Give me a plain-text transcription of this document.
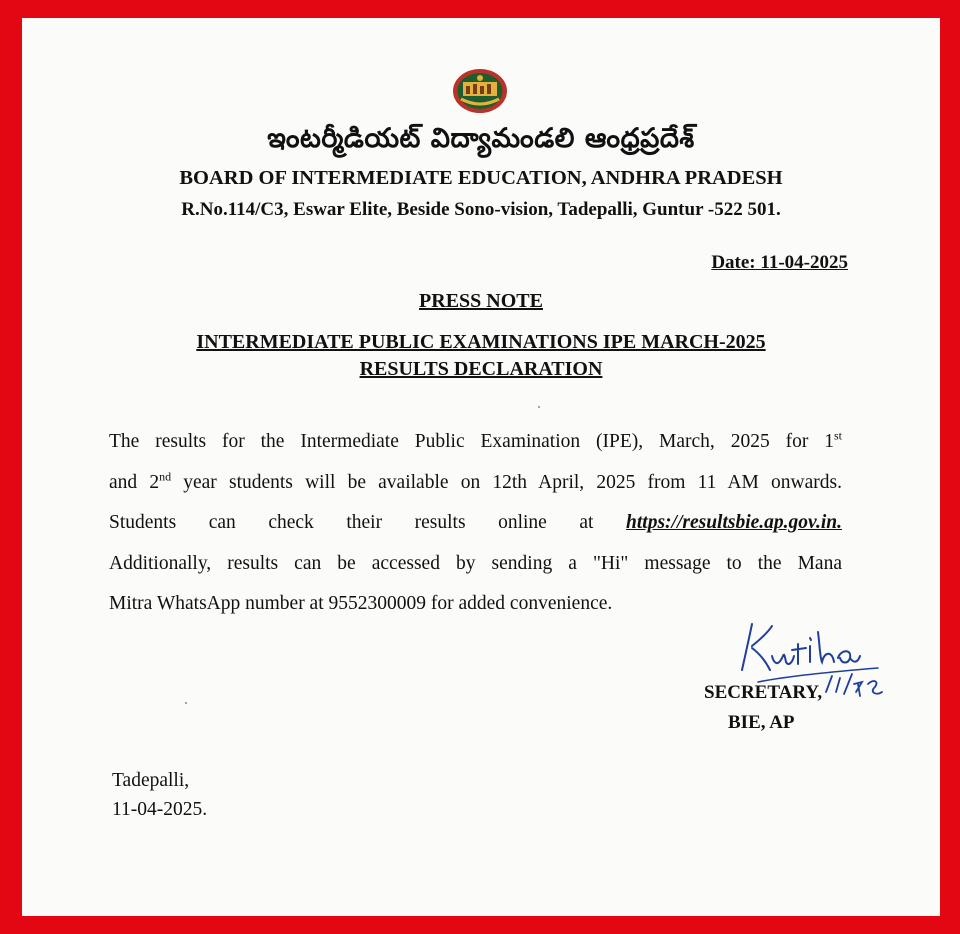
ఇంటర్మీడియట్ విద్యామండలి ఆంధ్రప్రదేశ్
BOARD OF INTERMEDIATE EDUCATION, ANDHRA PRADESH
R.No.114/C3, Eswar Elite, Beside Sono-vision, Tadepalli, Guntur -522 501.
Date: 11-04-2025
PRESS NOTE
INTERMEDIATE PUBLIC EXAMINATIONS IPE MARCH-2025
RESULTS DECLARATION
The results for the Intermediate Public Examination (IPE), March, 2025 for 1st
and 2nd year students will be available on 12th April, 2025 from 11 AM onwards.
Students can check their results online at https://resultsbie.ap.gov.in.
Additionally, results can be accessed by sending a "Hi" message to the Mana
Mitra WhatsApp number at 9552300009 for added convenience.
SECRETARY,
BIE, AP
Tadepalli,
11-04-2025.
